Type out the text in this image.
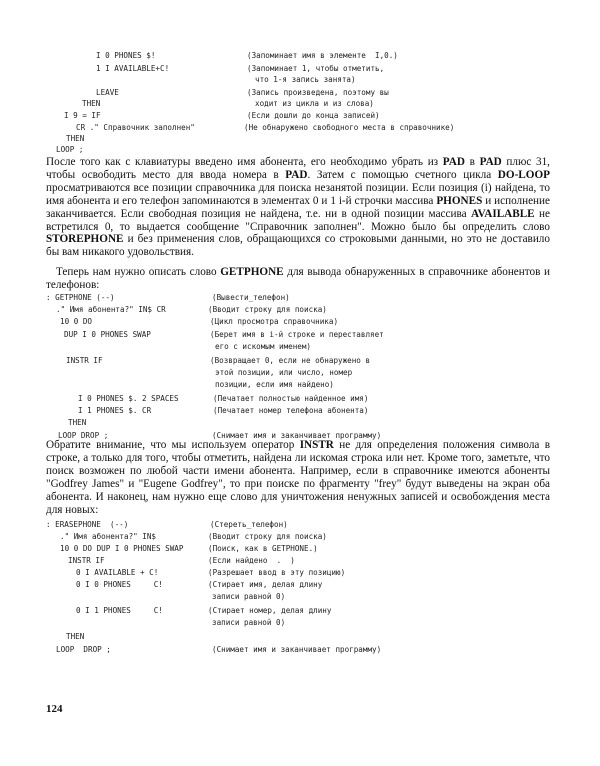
I 0 PHONES $!	(Запоминает имя в элементе  I,0.)
1 I AVAILABLE+C!	(Запоминает 1, чтобы отметить,
что 1-я запись занята)
LEAVE	(Запись произведена, поэтому вы
THEN	ходит из цикла и из слова)
I 9 = IF	(Если дошли до конца записей)
CR ." Справочник заполнен"	(Не обнаружено свободного места в справочнике)
THEN
LOOP ;

После того как с клавиатуры введено имя абонента, его необходимо убрать из PAD в PAD плюс 31, чтобы освободить место для ввода номера в PAD. Затем с помощью счетного цикла DO-LOOP просматриваются все позиции справочника для поиска незанятой позиции. Если позиция (i) найдена, то имя абонента и его телефон запоминаются в элементах 0 и 1 i-й строчки массива PHONES и исполнение заканчивается. Если свободная позиция не найдена, т.е. ни в одной позиции массива AVAILABLE не встретился 0, то выдается сообщение "Справочник заполнен". Можно было бы определить слово STOREPHONE и без применения слов, обращающихся со строковыми данными, но это не доставило бы вам никакого удовольствия.

Теперь нам нужно описать слово GETPHONE для вывода обнаруженных в справочнике абонентов и телефонов:

: GETPHONE (--)	(Вывести_телефон)
." Имя абонента?" IN$ CR	(Вводит строку для поиска)
10 0 DO	(Цикл просмотра справочника)
DUP I 0 PHONES SWAP	(Берет имя в i-й строке и переставляет
его с искомым именем)
INSTR IF	(Возвращает 0, если не обнаружено в
этой позиции, или число, номер
позиции, если имя найдено)
I 0 PHONES $. 2 SPACES	(Печатает полностью найденное имя)
I 1 PHONES $. CR	(Печатает номер телефона абонента)
THEN
LOOP DROP ;	(Снимает имя и заканчивает программу)

Обратите внимание, что мы используем оператор INSTR не для определения положения символа в строке, а только для того, чтобы отметить, найдена ли искомая строка или нет. Кроме того, заметьте, что поиск возможен по любой части имени абонента. Например, если в справочнике имеются абоненты "Godfrey James" и "Eugene Godfrey", то при поиске по фрагменту "frey" будут выведены на экран оба абонента. И наконец, нам нужно еще слово для уничтожения ненужных записей и освобождения места для новых:

: ERASEPHONE  (--)	(Стереть_телефон)
." Имя абонента?" IN$	(Вводит строку для поиска)
10 0 DO DUP I 0 PHONES SWAP	(Поиск, как в GETPHONE.)
INSTR IF	(Если найдено  .  )
0 I AVAILABLE + C!	(Разрешает ввод в эту позицию)
0 I 0 PHONES     C!	(Стирает имя, делая длину
записи равной 0)
0 I 1 PHONES     C!	(Стирает номер, делая длину
записи равной 0)
THEN
LOOP  DROP ;	(Снимает имя и заканчивает программу)
124
